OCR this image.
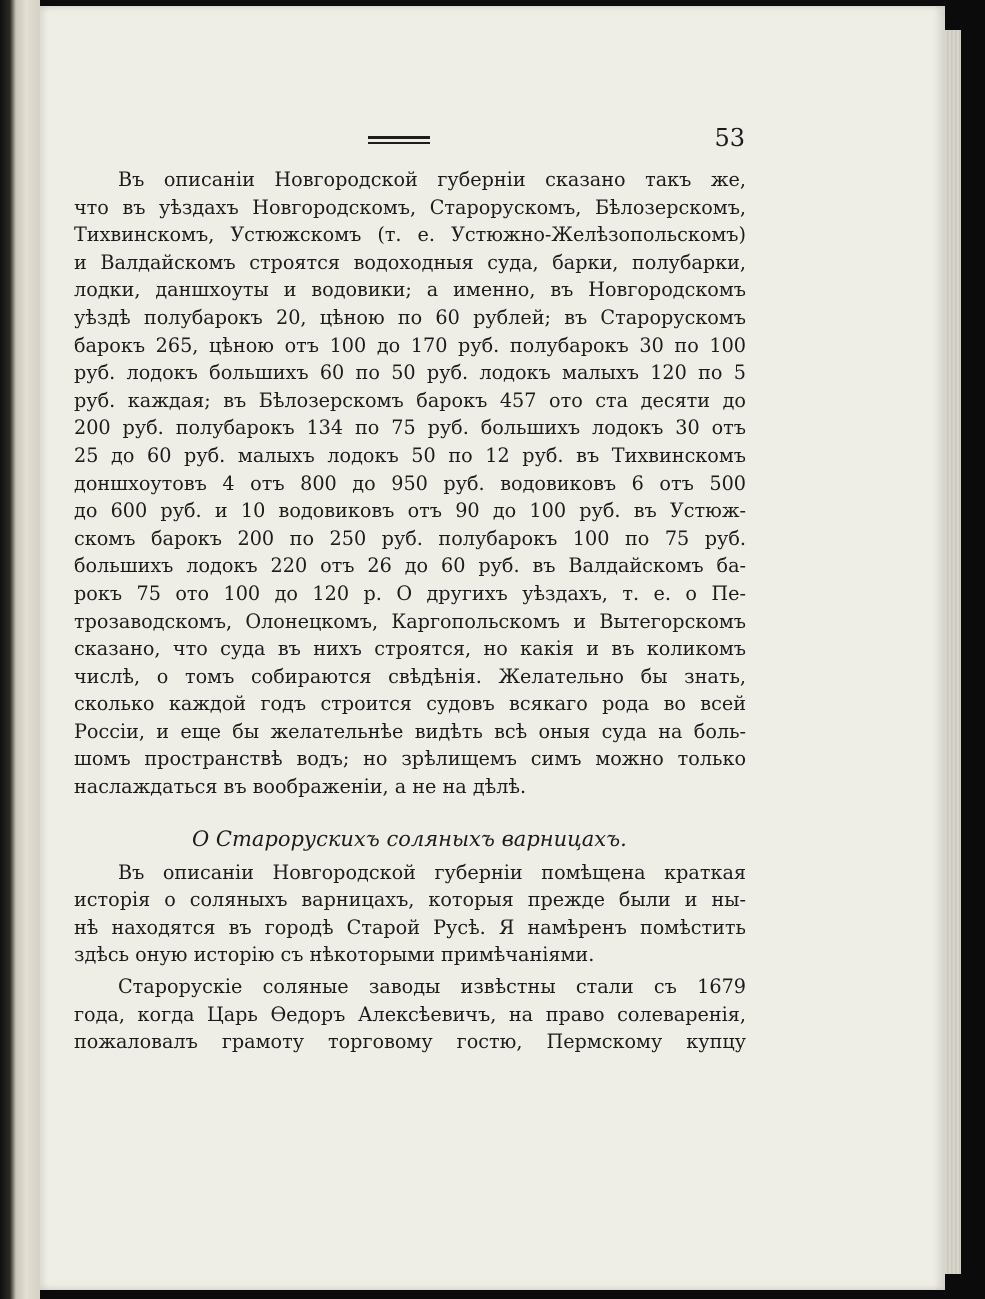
53
Въ описанiи Новгородской губернiи сказано такъ же,
что въ уѣздахъ Новгородскомъ, Староруcкомъ, Бѣлозерскомъ,
Тихвинскомъ, Устюжскомъ (т. е. Устюжно-Желѣзопольскомъ)
и Валдайскомъ строятся водоходныя суда, барки, полубарки,
лодки, даншхоуты и водовики; а именно, въ Новгородскомъ
уѣздѣ полубарокъ 20, цѣною по 60 рублей; въ Староруcкомъ
барокъ 265, цѣною отъ 100 до 170 руб. полубарокъ 30 по 100
руб. лодокъ большихъ 60 по 50 руб. лодокъ малыхъ 120 по 5
руб. каждая; въ Бѣлозерскомъ барокъ 457 ото ста десяти до
200 руб. полубарокъ 134 по 75 руб. большихъ лодокъ 30 отъ
25 до 60 руб. малыхъ лодокъ 50 по 12 руб. въ Тихвинскомъ
доншхоутовъ 4 отъ 800 до 950 руб. водовиковъ 6 отъ 500
до 600 руб. и 10 водовиковъ отъ 90 до 100 руб. въ Устюж-
скомъ барокъ 200 по 250 руб. полубарокъ 100 по 75 руб.
большихъ лодокъ 220 отъ 26 до 60 руб. въ Валдайскомъ ба-
рокъ 75 ото 100 до 120 р. О другихъ уѣздахъ, т. е. о Пе-
трозаводскомъ, Олонецкомъ, Каргопольскомъ и Вытегорскомъ
сказано, что суда въ нихъ строятся, но какiя и въ коликомъ
числѣ, о томъ собираются свѣдѣнiя. Желательно бы знать,
сколько каждой годъ строится судовъ всякаго рода во всей
Россiи, и еще бы желательнѣе видѣть всѣ оныя суда на боль-
шомъ пространствѣ водъ; но зрѣлищемъ симъ можно только
наслаждаться въ воображенiи, а не на дѣлѣ.
О Староруcкихъ соляныхъ варницахъ.
Въ описанiи Новгородской губернiи помѣщена краткая
исторiя о соляныхъ варницахъ, которыя прежде были и ны-
нѣ находятся въ городѣ Старой Русѣ. Я намѣренъ помѣстить
здѣсь оную исторiю съ нѣкоторыми примѣчанiями.
Староруcкiе соляные заводы извѣстны стали съ 1679
года, когда Царь Өедоръ Алексѣевичъ, на право солеваренiя,
пожаловалъ грамоту торговому гостю, Пермскому купцу
